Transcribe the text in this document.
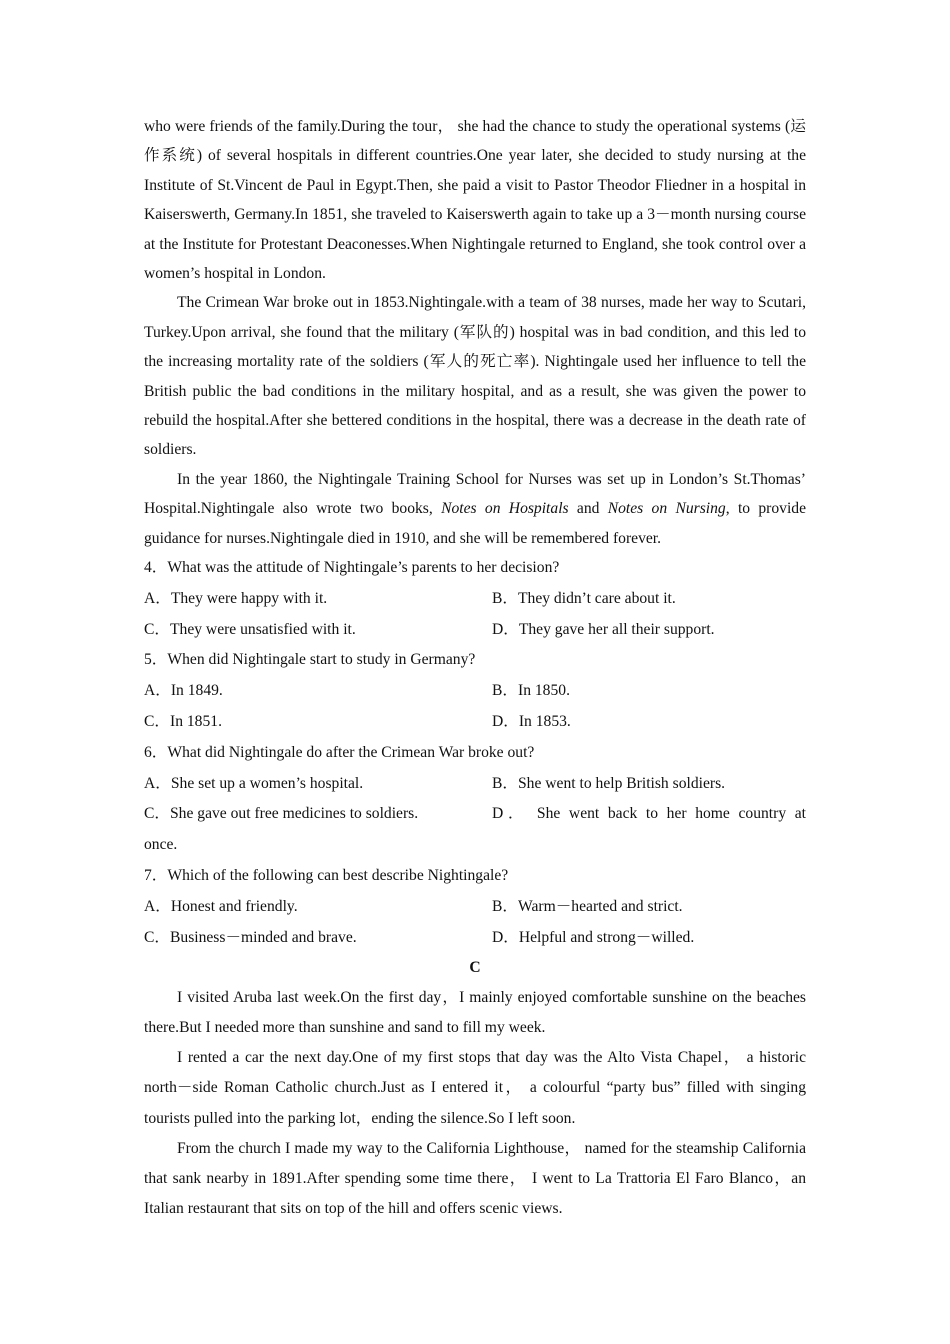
who were friends of the family.During the tour， she had the chance to study the operational systems (运作系统) of several hospitals in different countries.One year later, she decided to study nursing at the Institute of St.Vincent de Paul in Egypt.Then, she paid a visit to Pastor Theodor Fliedner in a hospital in Kaiserswerth, Germany.In 1851, she traveled to Kaiserswerth again to take up a 3－month nursing course at the Institute for Protestant Deaconesses.When Nightingale returned to England, she took control over a women’s hospital in London.

The Crimean War broke out in 1853.Nightingale.with a team of 38 nurses, made her way to Scutari, Turkey.Upon arrival, she found that the military (军队的) hospital was in bad condition, and this led to the increasing mortality rate of the soldiers (军人的死亡率). Nightingale used her influence to tell the British public the bad conditions in the military hospital, and as a result, she was given the power to rebuild the hospital.After she bettered conditions in the hospital, there was a decrease in the death rate of soldiers.

In the year 1860, the Nightingale Training School for Nurses was set up in London’s St.Thomas’ Hospital.Nightingale also wrote two books, Notes on Hospitals and Notes on Nursing, to provide guidance for nurses.Nightingale died in 1910, and she will be remembered forever.

4．What was the attitude of Nightingale’s parents to her decision?

A．They were happy with it.	B．They didn’t care about it.

C．They were unsatisfied with it.	D．They gave her all their support.

5．When did Nightingale start to study in Germany?

A．In 1849.	B．In 1850.

C．In 1851.	D．In 1853.

6．What did Nightingale do after the Crimean War broke out?

A．She set up a women’s hospital.	B．She went to help British soldiers.

C．She gave out free medicines to soldiers.	D． She went back to her home country at

once.

7．Which of the following can best describe Nightingale?

A．Honest and friendly.	B．Warm－hearted and strict.

C．Business－minded and brave.	D．Helpful and strong－willed.

C

I visited Aruba last week.On the first day，I mainly enjoyed comfortable sunshine on the beaches there.But I needed more than sunshine and sand to fill my week.

I rented a car the next day.One of my first stops that day was the Alto Vista Chapel， a historic north－side Roman Catholic church.Just as I entered it， a colourful “party bus” filled with singing tourists pulled into the parking lot，ending the silence.So I left soon.

From the church I made my way to the California Lighthouse， named for the steamship California that sank nearby in 1891.After spending some time there， I went to La Trattoria El Faro Blanco，an Italian restaurant that sits on top of the hill and offers scenic views.
